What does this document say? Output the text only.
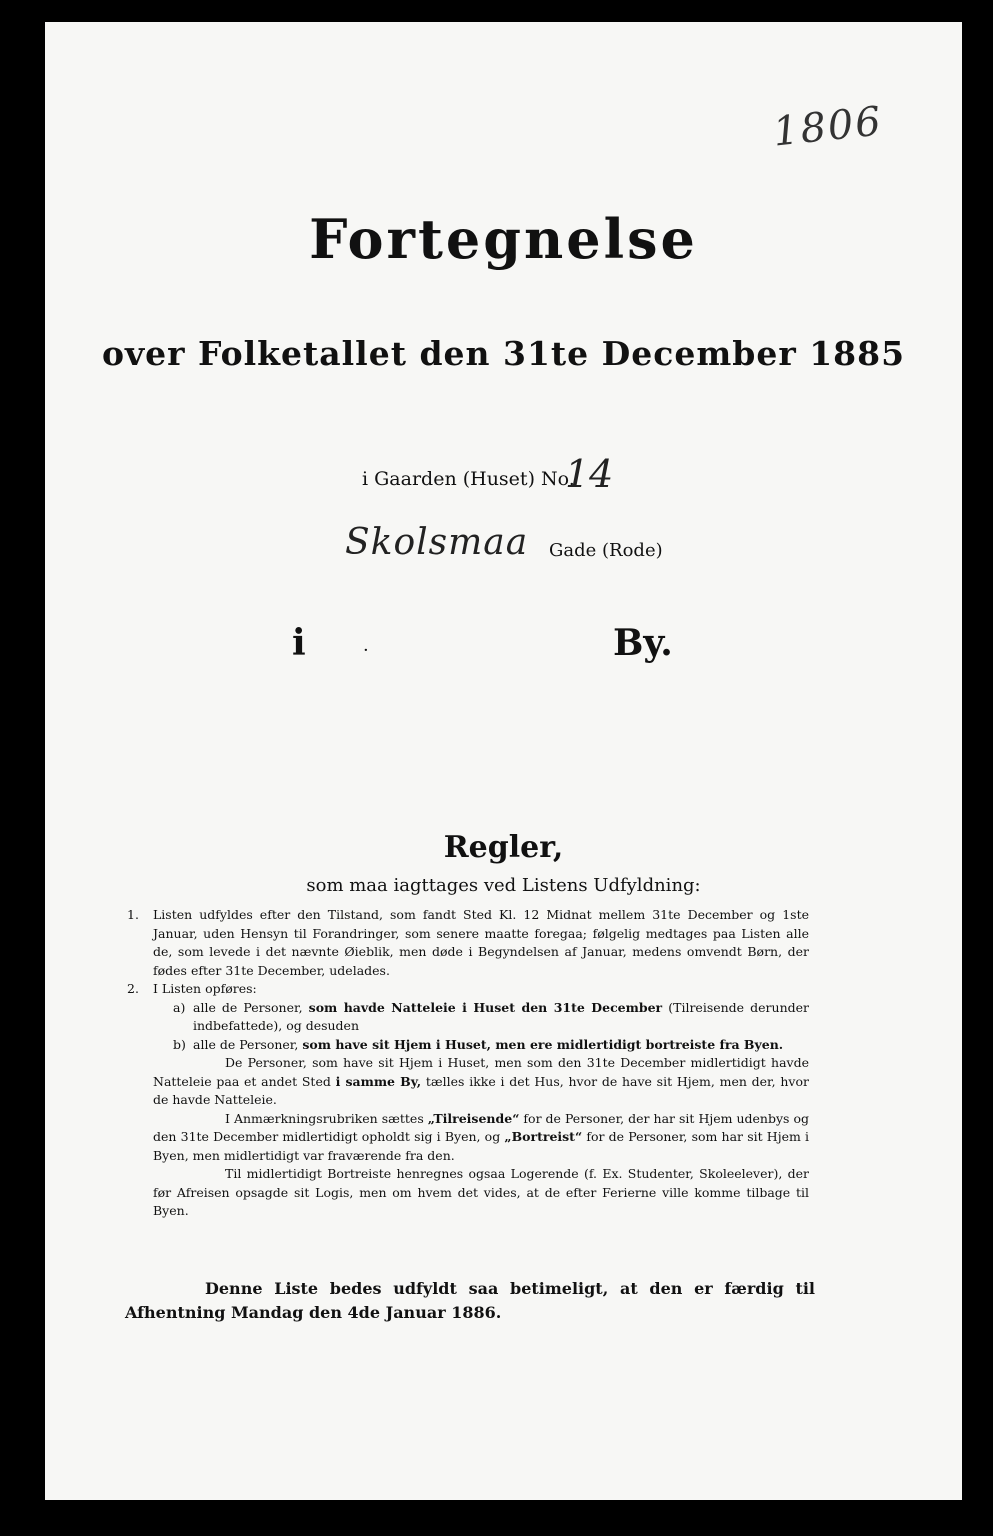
1806
Fortegnelse
over Folketallet den 31te December 1885
i Gaarden (Huset) No.
14
Skolsmaa Gade (Rode)
i	·	By.
Regler,
som maa iagttages ved Listens Udfyldning:
1. Listen udfyldes efter den Tilstand, som fandt Sted Kl. 12 Midnat mellem 31te December og 1ste Januar, uden Hensyn til Forandringer, som senere maatte foregaa; følgelig medtages paa Listen alle de, som levede i det nævnte Øieblik, men døde i Begyndelsen af Januar, medens omvendt Børn, der fødes efter 31te December, udelades.
2. I Listen opføres:
a) alle de Personer, som havde Natteleie i Huset den 31te December (Tilreisende derunder indbefattede), og desuden
b) alle de Personer, som have sit Hjem i Huset, men ere midlertidigt bortreiste fra Byen.
De Personer, som have sit Hjem i Huset, men som den 31te December midlertidigt havde Natteleie paa et andet Sted i samme By, tælles ikke i det Hus, hvor de have sit Hjem, men der, hvor de havde Natteleie.
I Anmærkningsrubriken sættes „Tilreisende“ for de Personer, der har sit Hjem udenbys og den 31te December midlertidigt opholdt sig i Byen, og „Bortreist“ for de Personer, som har sit Hjem i Byen, men midlertidigt var fraværende fra den.
Til midlertidigt Bortreiste henregnes ogsaa Logerende (f. Ex. Studenter, Skoleelever), der før Afreisen opsagde sit Logis, men om hvem det vides, at de efter Ferierne ville komme tilbage til Byen.

Denne Liste bedes udfyldt saa betimeligt, at den er færdig til Afhentning Mandag den 4de Januar 1886.
